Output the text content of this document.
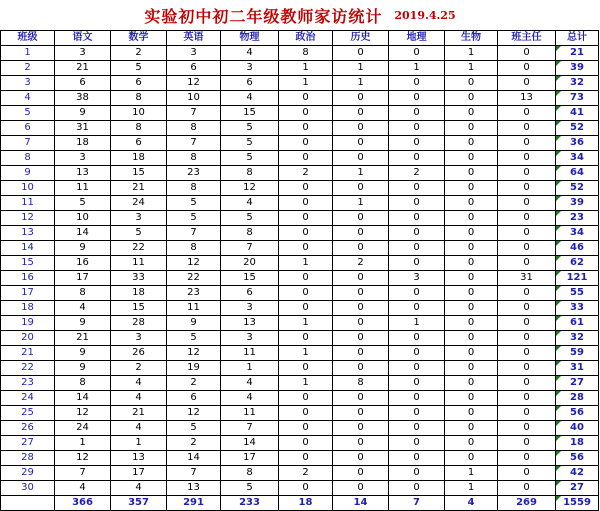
实验初中初二年级教师家访统计 2019.4.25
班级	语文	数学	英语	物理	政治	历史	地理	生物	班主任	总计
1	3	2	3	4	8	0	0	1	0	21
2	21	5	6	3	1	1	1	1	0	39
3	6	6	12	6	1	1	0	0	0	32
4	38	8	10	4	0	0	0	0	13	73
5	9	10	7	15	0	0	0	0	0	41
6	31	8	8	5	0	0	0	0	0	52
7	18	6	7	5	0	0	0	0	0	36
8	3	18	8	5	0	0	0	0	0	34
9	13	15	23	8	2	1	2	0	0	64
10	11	21	8	12	0	0	0	0	0	52
11	5	24	5	4	0	1	0	0	0	39
12	10	3	5	5	0	0	0	0	0	23
13	14	5	7	8	0	0	0	0	0	34
14	9	22	8	7	0	0	0	0	0	46
15	16	11	12	20	1	2	0	0	0	62
16	17	33	22	15	0	0	3	0	31	121
17	8	18	23	6	0	0	0	0	0	55
18	4	15	11	3	0	0	0	0	0	33
19	9	28	9	13	1	0	1	0	0	61
20	21	3	5	3	0	0	0	0	0	32
21	9	26	12	11	1	0	0	0	0	59
22	9	2	19	1	0	0	0	0	0	31
23	8	4	2	4	1	8	0	0	0	27
24	14	4	6	4	0	0	0	0	0	28
25	12	21	12	11	0	0	0	0	0	56
26	24	4	5	7	0	0	0	0	0	40
27	1	1	2	14	0	0	0	0	0	18
28	12	13	14	17	0	0	0	0	0	56
29	7	17	7	8	2	0	0	1	0	42
30	4	4	13	5	0	0	0	1	0	27
	366	357	291	233	18	14	7	4	269	1559
